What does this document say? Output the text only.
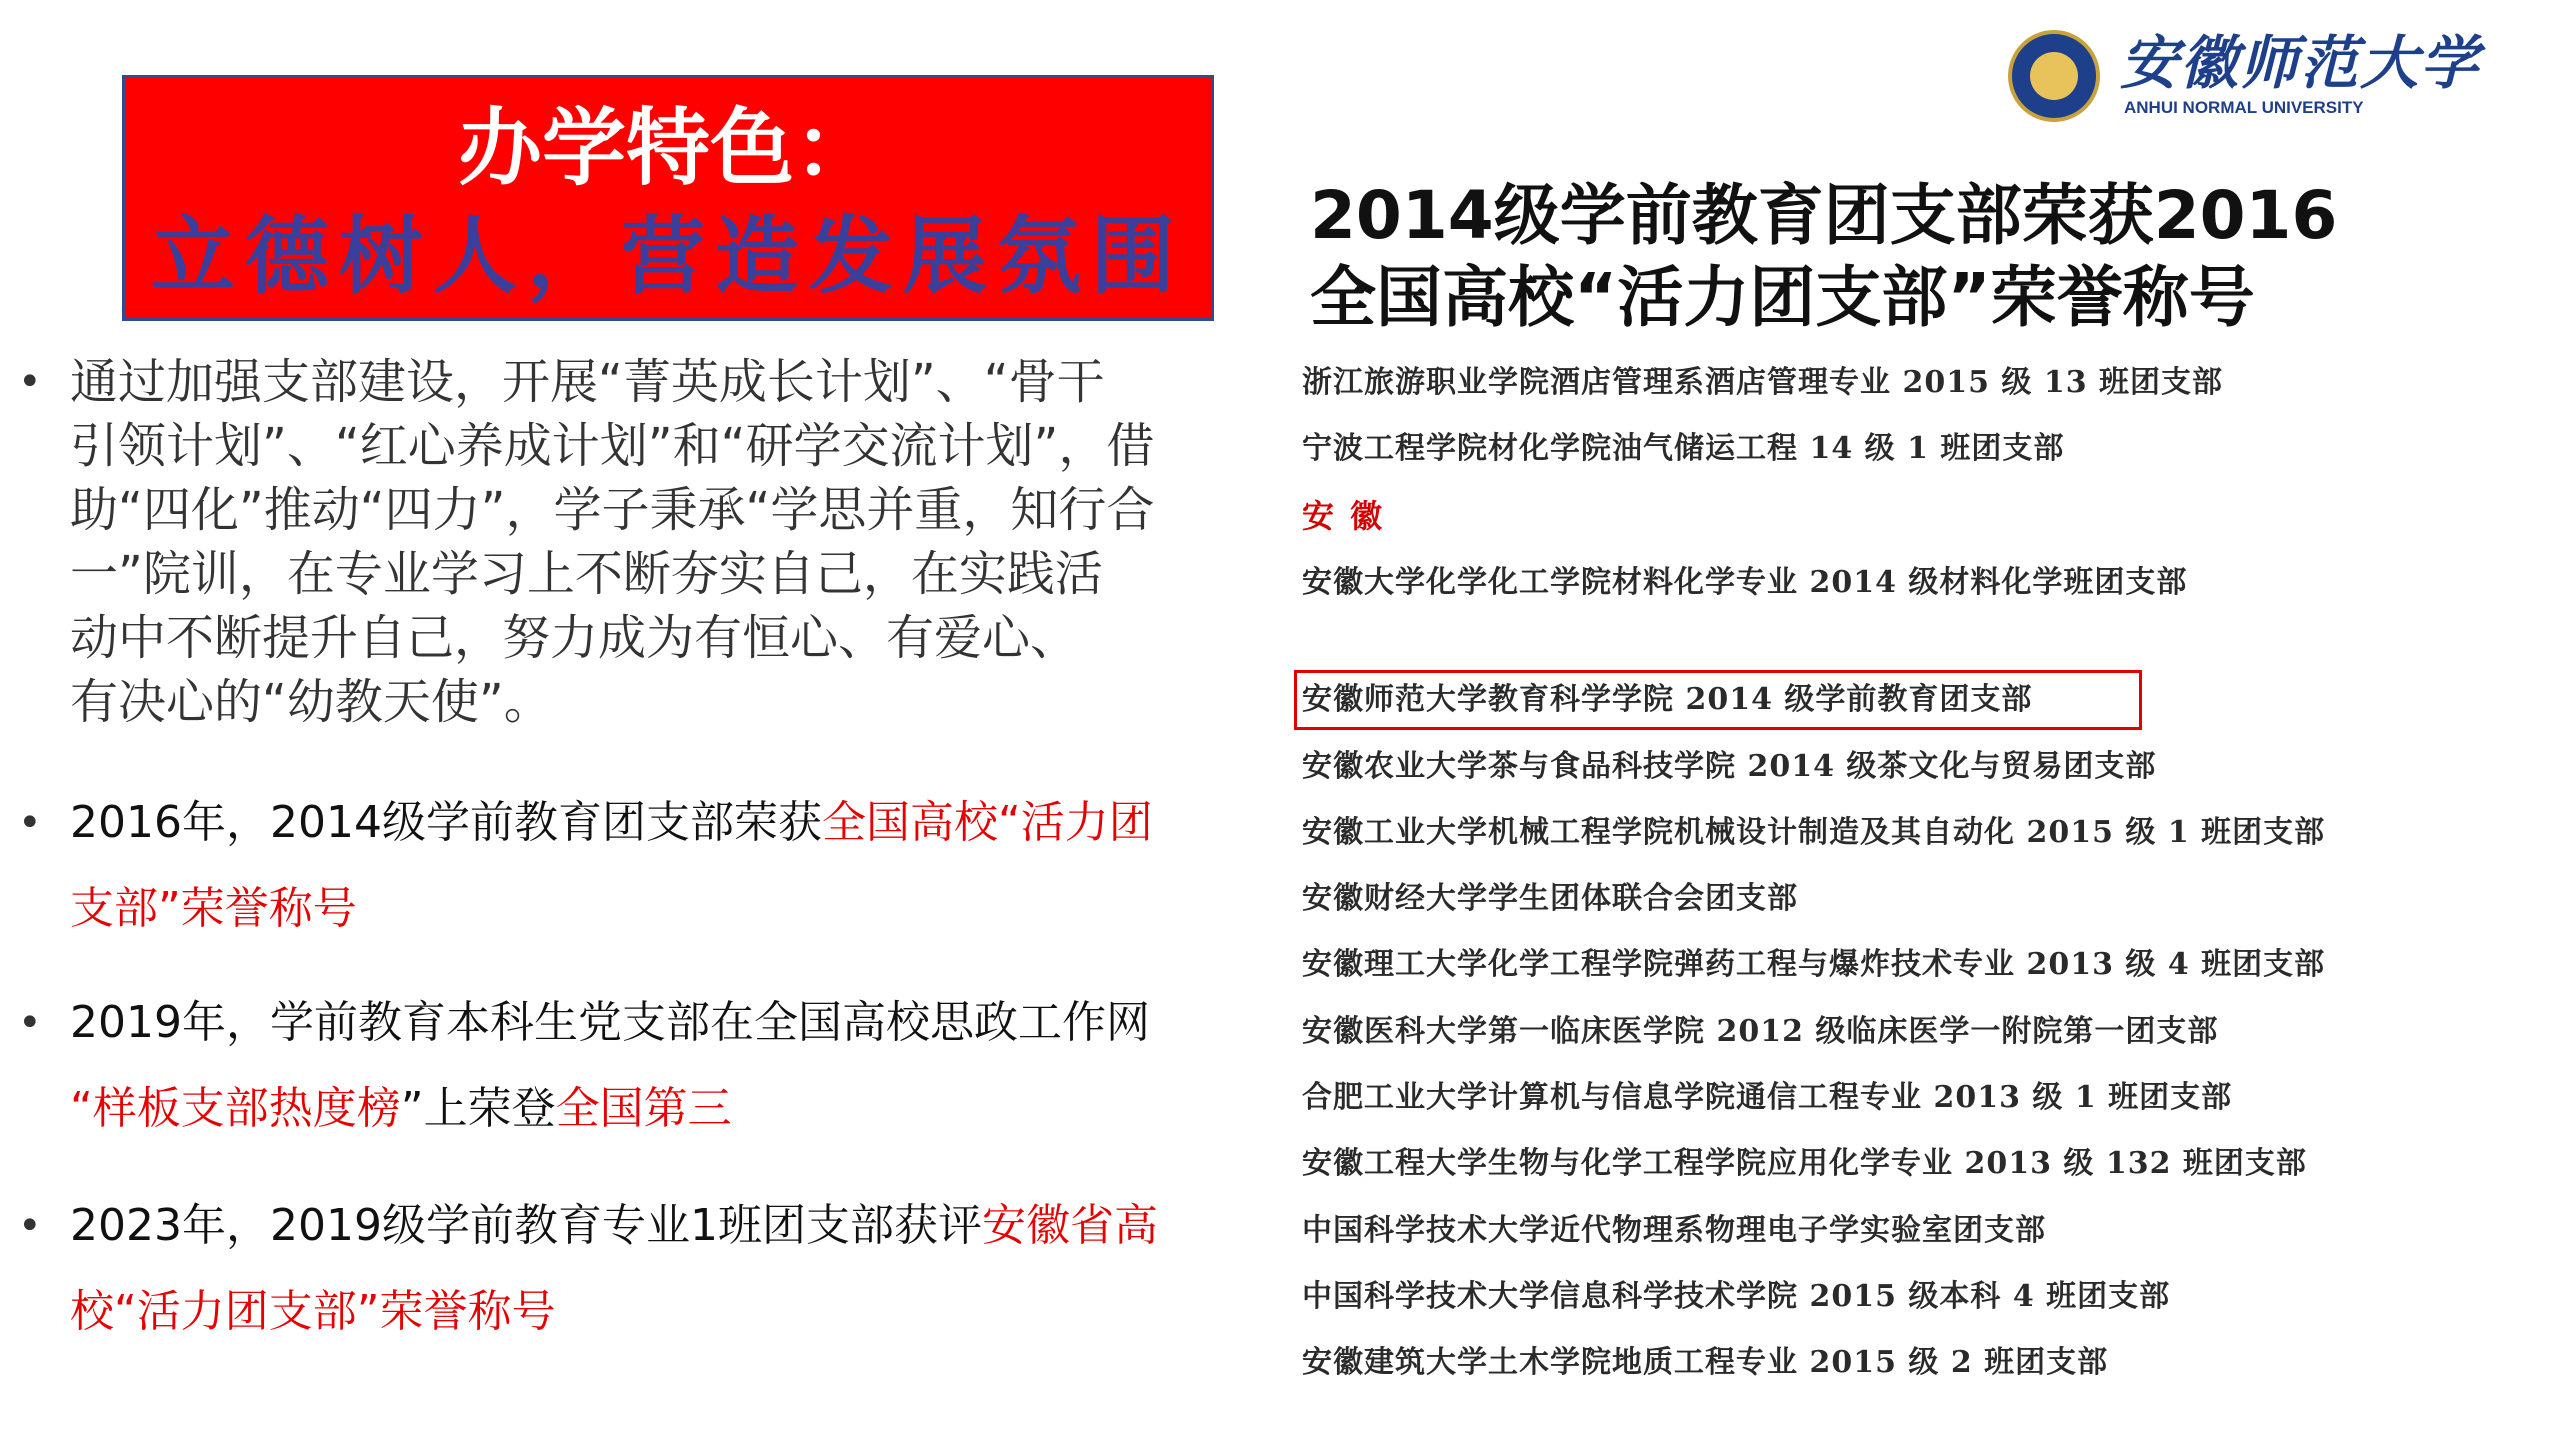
办学特色：
立德树人，营造发展氛围
安徽师范大学
ANHUI NORMAL UNIVERSITY
2014级学前教育团支部荣获2016
全国高校“活力团支部”荣誉称号
• 通过加强支部建设，开展“菁英成长计划”、“骨干
引领计划”、“红心养成计划”和“研学交流计划”，借
助“四化”推动“四力”，学子秉承“学思并重，知行合
一”院训，在专业学习上不断夯实自己，在实践活
动中不断提升自己，努力成为有恒心、有爱心、
有决心的“幼教天使”。
• 2016年，2014级学前教育团支部荣获全国高校“活力团
支部”荣誉称号
• 2019年，学前教育本科生党支部在全国高校思政工作网
“样板支部热度榜”上荣登全国第三
• 2023年，2019级学前教育专业1班团支部获评安徽省高
校“活力团支部”荣誉称号
浙江旅游职业学院酒店管理系酒店管理专业 2015 级 13 班团支部
宁波工程学院材化学院油气储运工程 14 级 1 班团支部
安徽
安徽大学化学化工学院材料化学专业 2014 级材料化学班团支部
安徽师范大学教育科学学院 2014 级学前教育团支部
安徽农业大学茶与食品科技学院 2014 级茶文化与贸易团支部
安徽工业大学机械工程学院机械设计制造及其自动化 2015 级 1 班团支部
安徽财经大学学生团体联合会团支部
安徽理工大学化学工程学院弹药工程与爆炸技术专业 2013 级 4 班团支部
安徽医科大学第一临床医学院 2012 级临床医学一附院第一团支部
合肥工业大学计算机与信息学院通信工程专业 2013 级 1 班团支部
安徽工程大学生物与化学工程学院应用化学专业 2013 级 132 班团支部
中国科学技术大学近代物理系物理电子学实验室团支部
中国科学技术大学信息科学技术学院 2015 级本科 4 班团支部
安徽建筑大学土木学院地质工程专业 2015 级 2 班团支部
